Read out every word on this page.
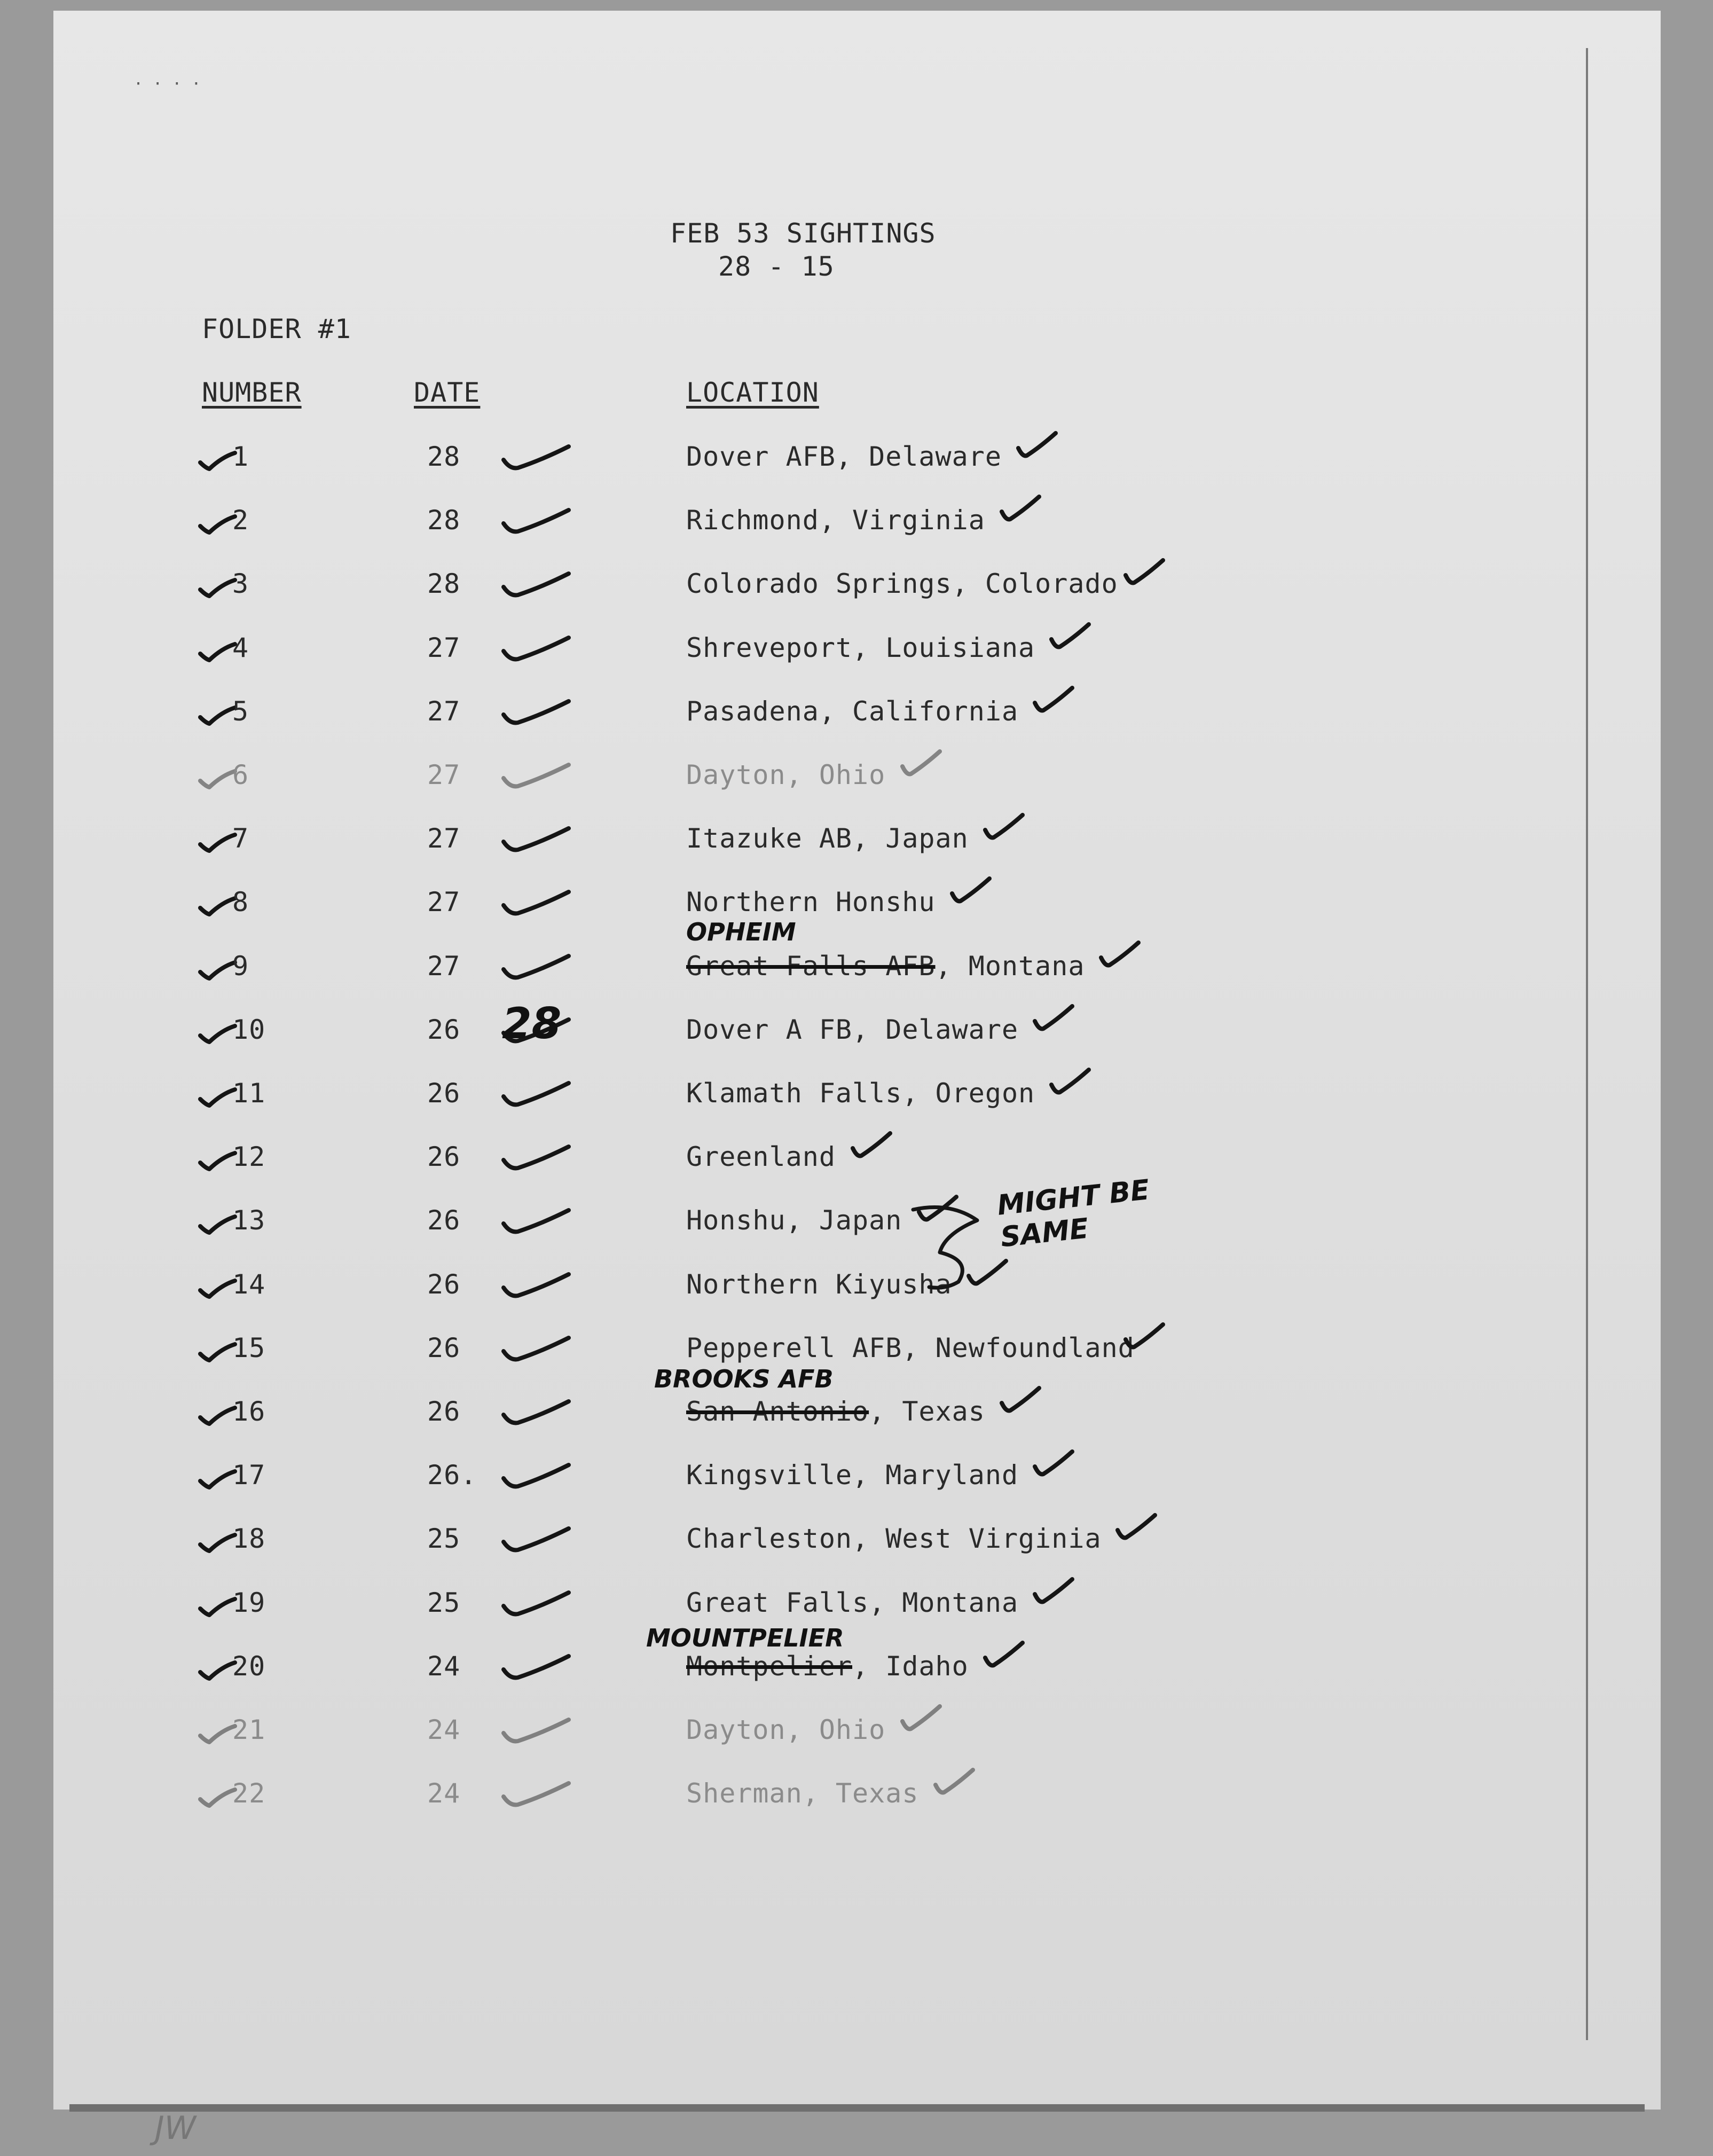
FEB 53 SIGHTINGS
28 - 15
FOLDER #1
NUMBER	DATE	LOCATION
1	28	Dover AFB, Delaware
2	28	Richmond, Virginia
3	28	Colorado Springs, Colorado
4	27	Shreveport, Louisiana
5	27	Pasadena, California
6	27	Dayton, Ohio
7	27	Itazuke AB, Japan
8	27	Northern Honshu
9	27	Great Falls AFB, Montana
10	26	Dover A FB, Delaware
11	26	Klamath Falls, Oregon
12	26	Greenland
13	26	Honshu, Japan
14	26	Northern Kiyusha
15	26	Pepperell AFB, Newfoundland
16	26	San Antonio, Texas
17	26.	Kingsville, Maryland
18	25	Charleston, West Virginia
19	25	Great Falls, Montana
20	24	Montpelier, Idaho
21	24	Dayton, Ohio
22	24	Sherman, Texas
OPHEIM
BROOKS AFB
MOUNTPELIER
28
MIGHT BE SAME
JW
· · · ·
